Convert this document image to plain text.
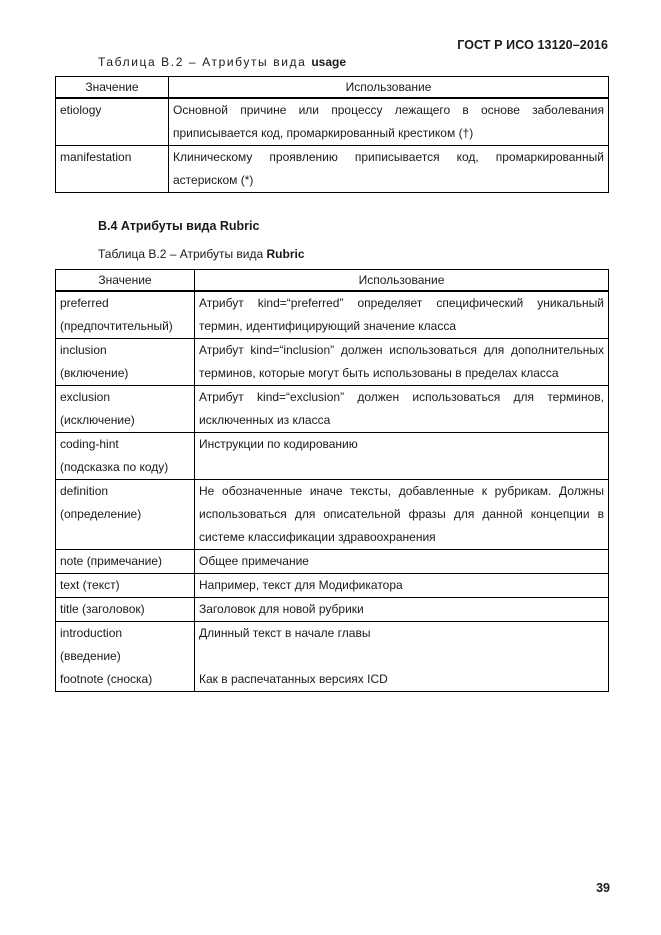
ГОСТ Р ИСО 13120–2016
Таблица В.2 – Атрибуты вида usage
Значение	Использование
etiology	Основной причине или процессу лежащего в основе заболевания приписывается код, промаркированный крестиком (†)
manifestation	Клиническому проявлению приписывается код, промаркированный астериском (*)
В.4 Атрибуты вида Rubric
Таблица В.2 – Атрибуты вида Rubric
Значение	Использование

preferred
(предпочтительный)	Атрибут kind=“preferred” определяет специфический уникальный термин, идентифицирующий значение класса

inclusion
(включение)	Атрибут kind=“inclusion” должен использоваться для дополнительных терминов, которые могут быть использованы в пределах класса

exclusion
(исключение)	Атрибут kind=“exclusion” должен использоваться для терминов, исключенных из класса

coding-hint
(подсказка по коду)	Инструкции по кодированию

definition
(определение)	Не обозначенные иначе тексты, добавленные к рубрикам. Должны использоваться для описательной фразы для данной концепции в системе классификации здравоохранения
note (примечание)	Общее примечание
text (текст)	Например, текст для Модификатора
title (заголовок)	Заголовок для новой рубрики

introduction
(введение)	Длинный текст в начале главы
footnote (сноска)	Как в распечатанных версиях ICD
39
